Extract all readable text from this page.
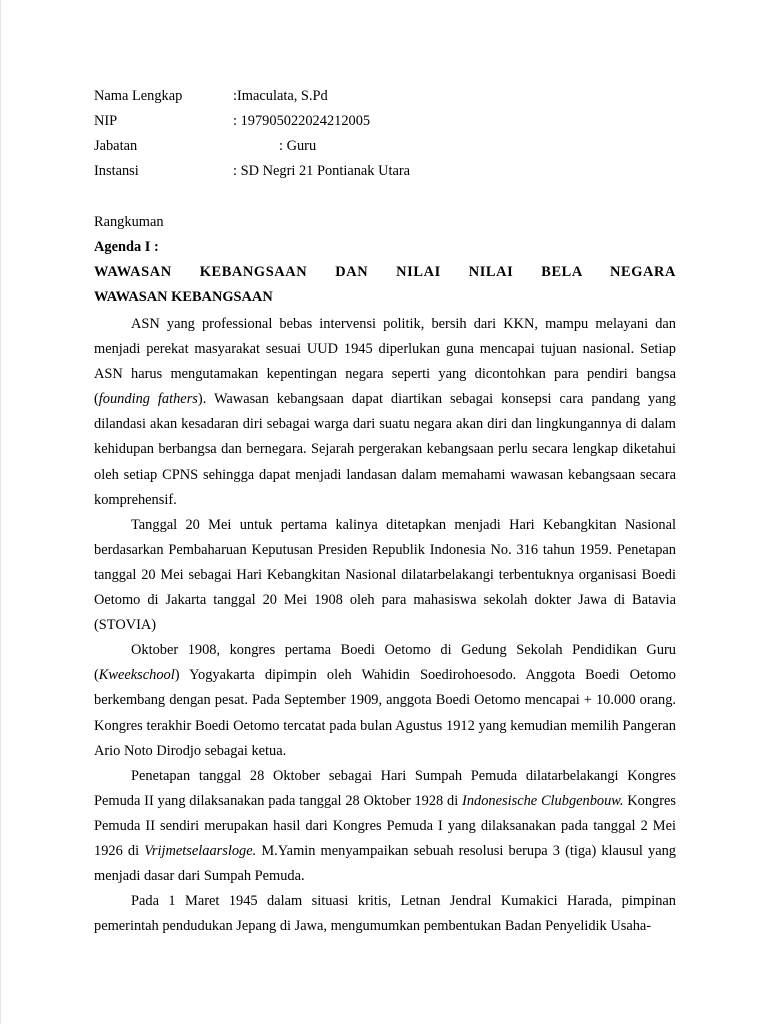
Nama Lengkap	:Imaculata, S.Pd
NIP	: 197905022024212005
Jabatan	: Guru
Instansi	: SD Negri 21 Pontianak Utara
Rangkuman
Agenda I :
WAWASAN KEBANGSAAN DAN NILAI NILAI BELA NEGARA
WAWASAN KEBANGSAAN

ASN yang professional bebas intervensi politik, bersih dari KKN, mampu melayani dan menjadi perekat masyarakat sesuai UUD 1945 diperlukan guna mencapai tujuan nasional. Setiap ASN harus mengutamakan kepentingan negara seperti yang dicontohkan para pendiri bangsa (founding fathers). Wawasan kebangsaan dapat diartikan sebagai konsepsi cara pandang yang dilandasi akan kesadaran diri sebagai warga dari suatu negara akan diri dan lingkungannya di dalam kehidupan berbangsa dan bernegara. Sejarah pergerakan kebangsaan perlu secara lengkap diketahui oleh setiap CPNS sehingga dapat menjadi landasan dalam memahami wawasan kebangsaan secara komprehensif.

Tanggal 20 Mei untuk pertama kalinya ditetapkan menjadi Hari Kebangkitan Nasional berdasarkan Pembaharuan Keputusan Presiden Republik Indonesia No. 316 tahun 1959. Penetapan tanggal 20 Mei sebagai Hari Kebangkitan Nasional dilatarbelakangi terbentuknya organisasi Boedi Oetomo di Jakarta tanggal 20 Mei 1908 oleh para mahasiswa sekolah dokter Jawa di Batavia (STOVIA)

Oktober 1908, kongres pertama Boedi Oetomo di Gedung Sekolah Pendidikan Guru (Kweekschool) Yogyakarta dipimpin oleh Wahidin Soedirohoesodo. Anggota Boedi Oetomo berkembang dengan pesat. Pada September 1909, anggota Boedi Oetomo mencapai + 10.000 orang. Kongres terakhir Boedi Oetomo tercatat pada bulan Agustus 1912 yang kemudian memilih Pangeran Ario Noto Dirodjo sebagai ketua.

Penetapan tanggal 28 Oktober sebagai Hari Sumpah Pemuda dilatarbelakangi Kongres Pemuda II yang dilaksanakan pada tanggal 28 Oktober 1928 di Indonesische Clubgenbouw. Kongres Pemuda II sendiri merupakan hasil dari Kongres Pemuda I yang dilaksanakan pada tanggal 2 Mei 1926 di Vrijmetselaarsloge. M.Yamin menyampaikan sebuah resolusi berupa 3 (tiga) klausul yang menjadi dasar dari Sumpah Pemuda.

Pada 1 Maret 1945 dalam situasi kritis, Letnan Jendral Kumakici Harada, pimpinan pemerintah pendudukan Jepang di Jawa, mengumumkan pembentukan Badan Penyelidik Usaha-
